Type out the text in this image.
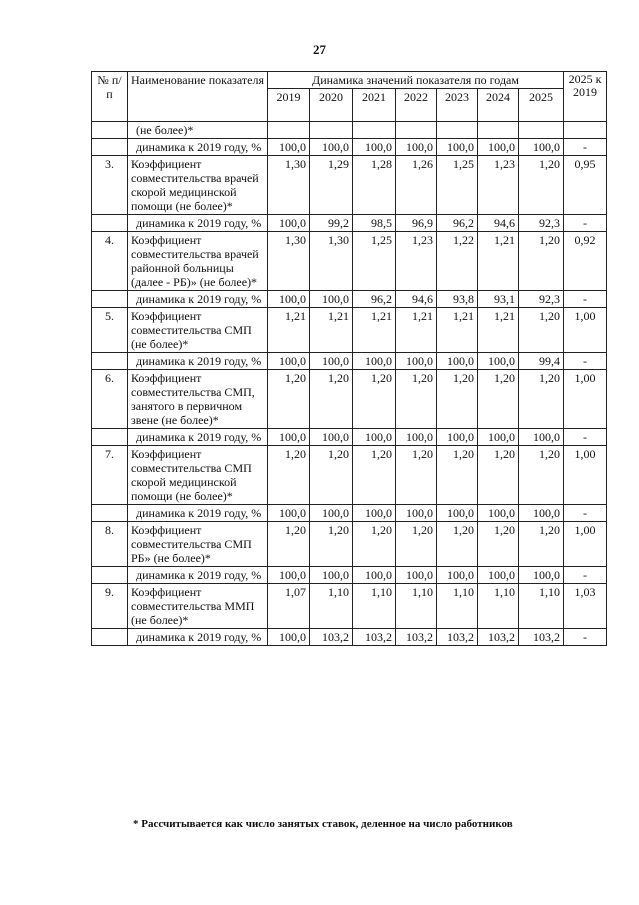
27
№ п/п	Наименование показателя	Динамика значений показателя по годам							2025 к 2019
		2019	2020	2021	2022	2023	2024	2025	
	(не более)*								
	динамика к 2019 году, %	100,0	100,0	100,0	100,0	100,0	100,0	100,0	-
3.	Коэффициент совместительства врачей скорой медицинской помощи (не более)*	1,30	1,29	1,28	1,26	1,25	1,23	1,20	0,95
	динамика к 2019 году, %	100,0	99,2	98,5	96,9	96,2	94,6	92,3	-
4.	Коэффициент совместительства врачей районной больницы (далее - РБ)» (не более)*	1,30	1,30	1,25	1,23	1,22	1,21	1,20	0,92
	динамика к 2019 году, %	100,0	100,0	96,2	94,6	93,8	93,1	92,3	-
5.	Коэффициент совместительства СМП (не более)*	1,21	1,21	1,21	1,21	1,21	1,21	1,20	1,00
	динамика к 2019 году, %	100,0	100,0	100,0	100,0	100,0	100,0	99,4	-
6.	Коэффициент совместительства СМП, занятого в первичном звене (не более)*	1,20	1,20	1,20	1,20	1,20	1,20	1,20	1,00
	динамика к 2019 году, %	100,0	100,0	100,0	100,0	100,0	100,0	100,0	-
7.	Коэффициент совместительства СМП скорой медицинской помощи (не более)*	1,20	1,20	1,20	1,20	1,20	1,20	1,20	1,00
	динамика к 2019 году, %	100,0	100,0	100,0	100,0	100,0	100,0	100,0	-
8.	Коэффициент совместительства СМП РБ» (не более)*	1,20	1,20	1,20	1,20	1,20	1,20	1,20	1,00
	динамика к 2019 году, %	100,0	100,0	100,0	100,0	100,0	100,0	100,0	-
9.	Коэффициент совместительства ММП (не более)*	1,07	1,10	1,10	1,10	1,10	1,10	1,10	1,03
	динамика к 2019 году, %	100,0	103,2	103,2	103,2	103,2	103,2	103,2	-
* Рассчитывается как число занятых ставок, деленное на число работников
